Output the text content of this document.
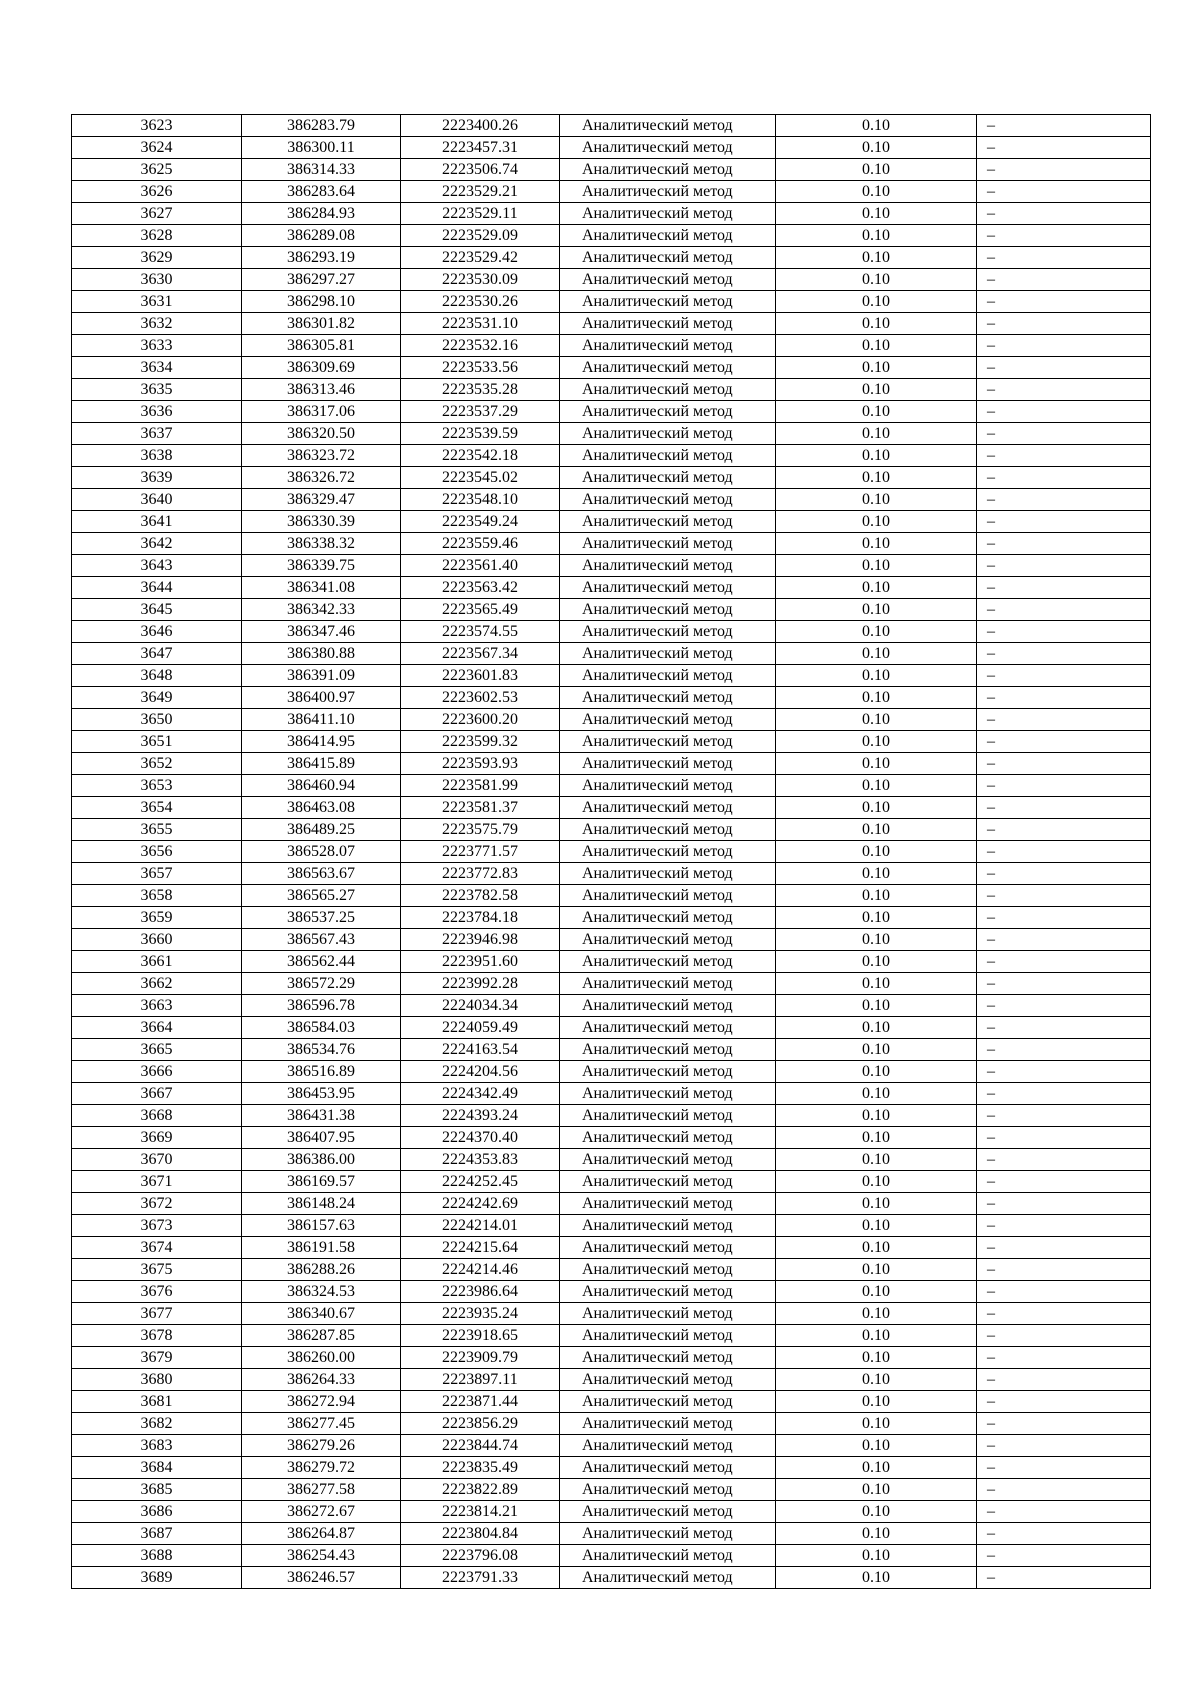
3623	386283.79	2223400.26	Аналитический метод	0.10	–
3624	386300.11	2223457.31	Аналитический метод	0.10	–
3625	386314.33	2223506.74	Аналитический метод	0.10	–
3626	386283.64	2223529.21	Аналитический метод	0.10	–
3627	386284.93	2223529.11	Аналитический метод	0.10	–
3628	386289.08	2223529.09	Аналитический метод	0.10	–
3629	386293.19	2223529.42	Аналитический метод	0.10	–
3630	386297.27	2223530.09	Аналитический метод	0.10	–
3631	386298.10	2223530.26	Аналитический метод	0.10	–
3632	386301.82	2223531.10	Аналитический метод	0.10	–
3633	386305.81	2223532.16	Аналитический метод	0.10	–
3634	386309.69	2223533.56	Аналитический метод	0.10	–
3635	386313.46	2223535.28	Аналитический метод	0.10	–
3636	386317.06	2223537.29	Аналитический метод	0.10	–
3637	386320.50	2223539.59	Аналитический метод	0.10	–
3638	386323.72	2223542.18	Аналитический метод	0.10	–
3639	386326.72	2223545.02	Аналитический метод	0.10	–
3640	386329.47	2223548.10	Аналитический метод	0.10	–
3641	386330.39	2223549.24	Аналитический метод	0.10	–
3642	386338.32	2223559.46	Аналитический метод	0.10	–
3643	386339.75	2223561.40	Аналитический метод	0.10	–
3644	386341.08	2223563.42	Аналитический метод	0.10	–
3645	386342.33	2223565.49	Аналитический метод	0.10	–
3646	386347.46	2223574.55	Аналитический метод	0.10	–
3647	386380.88	2223567.34	Аналитический метод	0.10	–
3648	386391.09	2223601.83	Аналитический метод	0.10	–
3649	386400.97	2223602.53	Аналитический метод	0.10	–
3650	386411.10	2223600.20	Аналитический метод	0.10	–
3651	386414.95	2223599.32	Аналитический метод	0.10	–
3652	386415.89	2223593.93	Аналитический метод	0.10	–
3653	386460.94	2223581.99	Аналитический метод	0.10	–
3654	386463.08	2223581.37	Аналитический метод	0.10	–
3655	386489.25	2223575.79	Аналитический метод	0.10	–
3656	386528.07	2223771.57	Аналитический метод	0.10	–
3657	386563.67	2223772.83	Аналитический метод	0.10	–
3658	386565.27	2223782.58	Аналитический метод	0.10	–
3659	386537.25	2223784.18	Аналитический метод	0.10	–
3660	386567.43	2223946.98	Аналитический метод	0.10	–
3661	386562.44	2223951.60	Аналитический метод	0.10	–
3662	386572.29	2223992.28	Аналитический метод	0.10	–
3663	386596.78	2224034.34	Аналитический метод	0.10	–
3664	386584.03	2224059.49	Аналитический метод	0.10	–
3665	386534.76	2224163.54	Аналитический метод	0.10	–
3666	386516.89	2224204.56	Аналитический метод	0.10	–
3667	386453.95	2224342.49	Аналитический метод	0.10	–
3668	386431.38	2224393.24	Аналитический метод	0.10	–
3669	386407.95	2224370.40	Аналитический метод	0.10	–
3670	386386.00	2224353.83	Аналитический метод	0.10	–
3671	386169.57	2224252.45	Аналитический метод	0.10	–
3672	386148.24	2224242.69	Аналитический метод	0.10	–
3673	386157.63	2224214.01	Аналитический метод	0.10	–
3674	386191.58	2224215.64	Аналитический метод	0.10	–
3675	386288.26	2224214.46	Аналитический метод	0.10	–
3676	386324.53	2223986.64	Аналитический метод	0.10	–
3677	386340.67	2223935.24	Аналитический метод	0.10	–
3678	386287.85	2223918.65	Аналитический метод	0.10	–
3679	386260.00	2223909.79	Аналитический метод	0.10	–
3680	386264.33	2223897.11	Аналитический метод	0.10	–
3681	386272.94	2223871.44	Аналитический метод	0.10	–
3682	386277.45	2223856.29	Аналитический метод	0.10	–
3683	386279.26	2223844.74	Аналитический метод	0.10	–
3684	386279.72	2223835.49	Аналитический метод	0.10	–
3685	386277.58	2223822.89	Аналитический метод	0.10	–
3686	386272.67	2223814.21	Аналитический метод	0.10	–
3687	386264.87	2223804.84	Аналитический метод	0.10	–
3688	386254.43	2223796.08	Аналитический метод	0.10	–
3689	386246.57	2223791.33	Аналитический метод	0.10	–
